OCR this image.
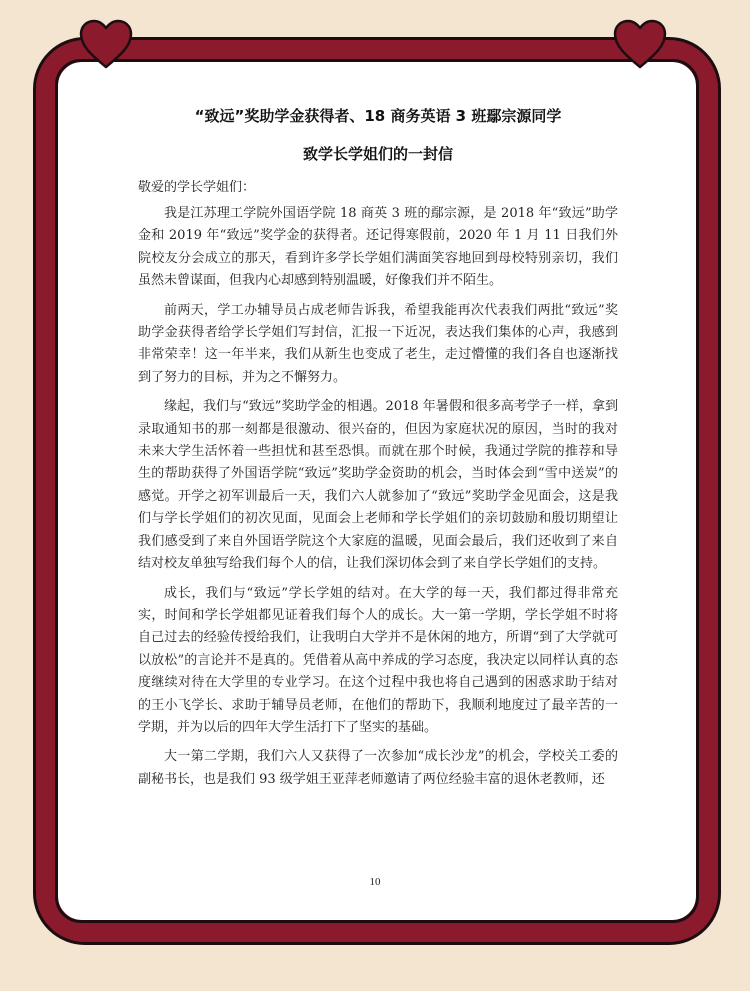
“致远”奖助学金获得者、18 商务英语 3 班鄢宗源同学
致学长学姐们的一封信

敬爱的学长学姐们：

我是江苏理工学院外国语学院 18 商英 3 班的鄢宗源，是 2018 年“致远”助学金和 2019 年“致远”奖学金的获得者。还记得寒假前，2020 年 1 月 11 日我们外院校友分会成立的那天，看到许多学长学姐们满面笑容地回到母校特别亲切，我们虽然未曾谋面，但我内心却感到特别温暖，好像我们并不陌生。

前两天，学工办辅导员占成老师告诉我，希望我能再次代表我们两批“致远”奖助学金获得者给学长学姐们写封信，汇报一下近况，表达我们集体的心声，我感到非常荣幸！这一年半来，我们从新生也变成了老生，走过懵懂的我们各自也逐渐找到了努力的目标，并为之不懈努力。

缘起，我们与“致远”奖助学金的相遇。2018 年暑假和很多高考学子一样，拿到录取通知书的那一刻都是很激动、很兴奋的，但因为家庭状况的原因，当时的我对未来大学生活怀着一些担忧和甚至恐惧。而就在那个时候，我通过学院的推荐和导生的帮助获得了外国语学院“致远”奖助学金资助的机会，当时体会到“雪中送炭”的感觉。开学之初军训最后一天，我们六人就参加了“致远”奖助学金见面会，这是我们与学长学姐们的初次见面，见面会上老师和学长学姐们的亲切鼓励和殷切期望让我们感受到了来自外国语学院这个大家庭的温暖，见面会最后，我们还收到了来自结对校友单独写给我们每个人的信，让我们深切体会到了来自学长学姐们的支持。

成长，我们与“致远”学长学姐的结对。在大学的每一天，我们都过得非常充实，时间和学长学姐都见证着我们每个人的成长。大一第一学期，学长学姐不时将自己过去的经验传授给我们，让我明白大学并不是休闲的地方，所谓“到了大学就可以放松”的言论并不是真的。凭借着从高中养成的学习态度，我决定以同样认真的态度继续对待在大学里的专业学习。在这个过程中我也将自己遇到的困惑求助于结对的王小飞学长、求助于辅导员老师，在他们的帮助下，我顺利地度过了最辛苦的一学期，并为以后的四年大学生活打下了坚实的基础。

大一第二学期，我们六人又获得了一次参加“成长沙龙”的机会，学校关工委的副秘书长，也是我们 93 级学姐王亚萍老师邀请了两位经验丰富的退休老教师，还

10
